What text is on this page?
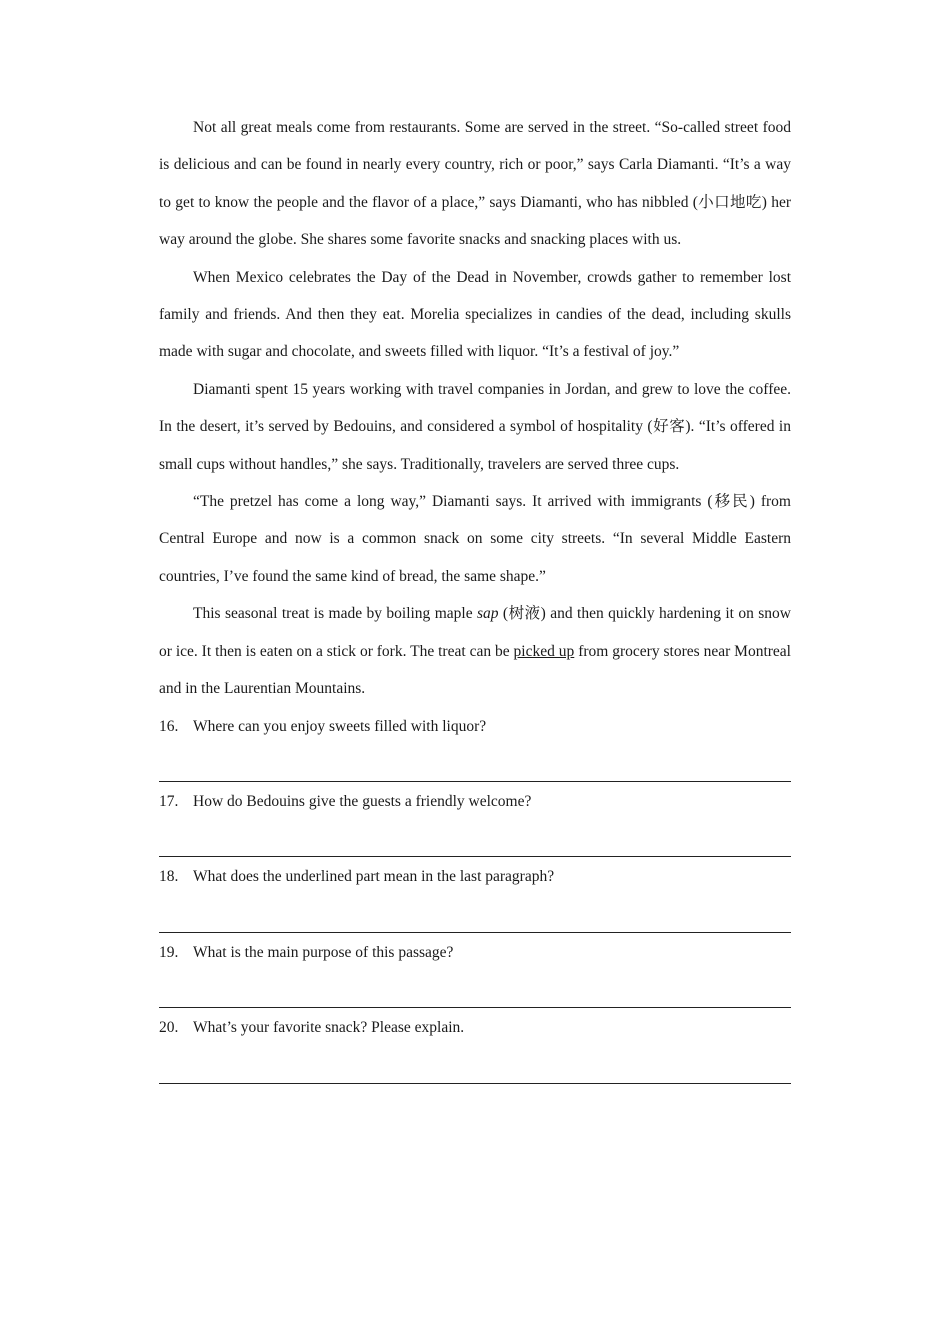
Not all great meals come from restaurants. Some are served in the street. “So-called street food is delicious and can be found in nearly every country, rich or poor,” says Carla Diamanti. “It’s a way to get to know the people and the flavor of a place,” says Diamanti, who has nibbled (小口地吃) her way around the globe. She shares some favorite snacks and snacking places with us.

When Mexico celebrates the Day of the Dead in November, crowds gather to remember lost family and friends. And then they eat. Morelia specializes in candies of the dead, including skulls made with sugar and chocolate, and sweets filled with liquor. “It’s a festival of joy.”

Diamanti spent 15 years working with travel companies in Jordan, and grew to love the coffee. In the desert, it’s served by Bedouins, and considered a symbol of hospitality (好客). “It’s offered in small cups without handles,” she says. Traditionally, travelers are served three cups.

“The pretzel has come a long way,” Diamanti says. It arrived with immigrants (移民) from Central Europe and now is a common snack on some city streets. “In several Middle Eastern countries, I’ve found the same kind of bread, the same shape.”

This seasonal treat is made by boiling maple sap (树液) and then quickly hardening it on snow or ice. It then is eaten on a stick or fork. The treat can be picked up from grocery stores near Montreal and in the Laurentian Mountains.

16. Where can you enjoy sweets filled with liquor?

17. How do Bedouins give the guests a friendly welcome?

18. What does the underlined part mean in the last paragraph?

19. What is the main purpose of this passage?

20. What’s your favorite snack? Please explain.
